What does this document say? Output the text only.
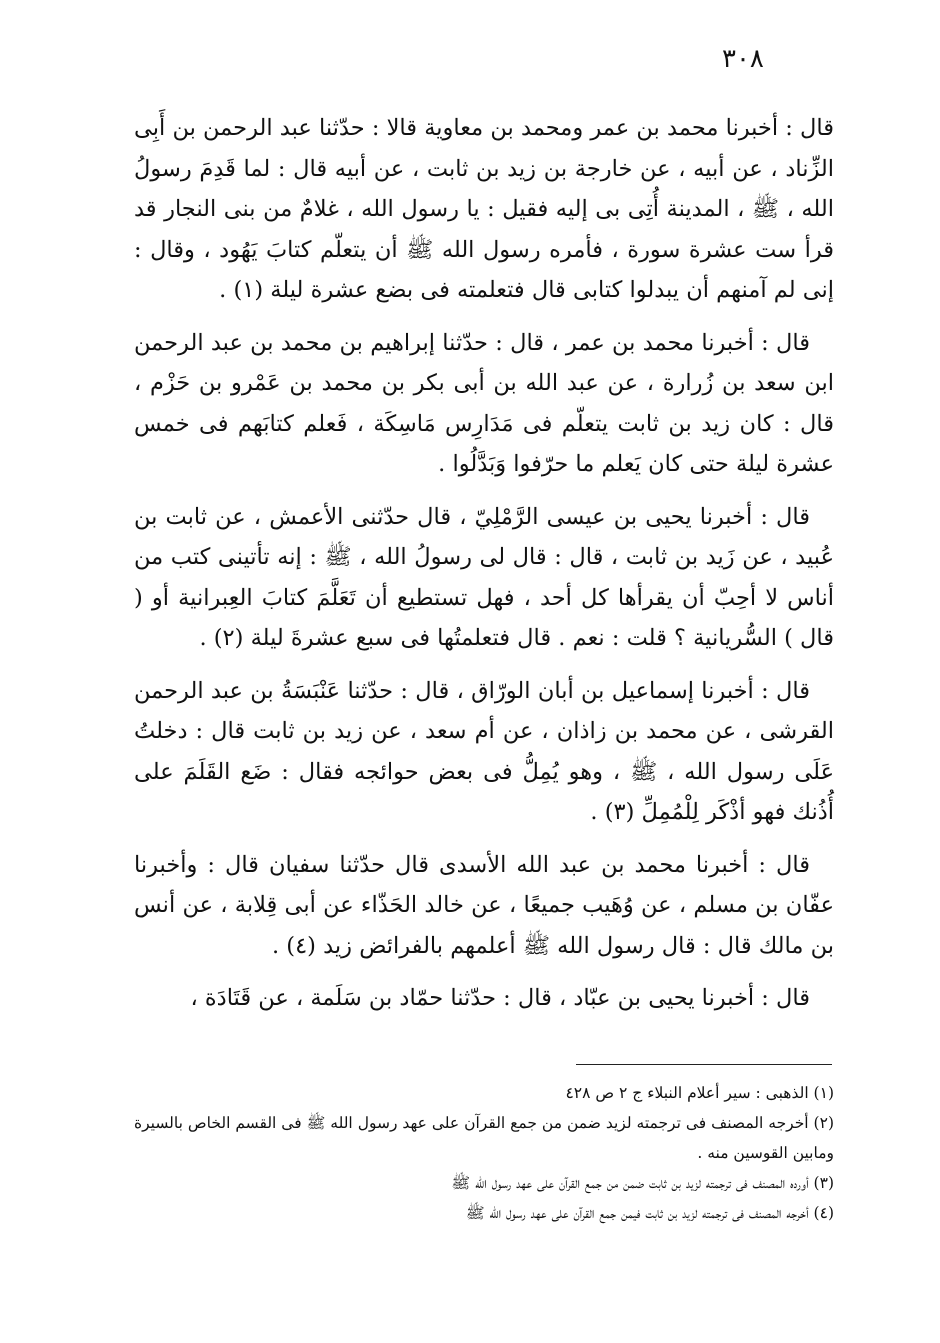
٣٠٨

قال : أخبرنا محمد بن عمر ومحمد بن معاوية قالا : حدّثنا عبد الرحمن بن أَبِى الزِّناد ، عن أبيه ، عن خارجة بن زيد بن ثابت ، عن أبيه قال : لما قَدِمَ رسولُ الله ، ﷺ ، المدينة أُتِى بى إليه فقيل : يا رسول الله ، غلامٌ من بنى النجار قد قرأ ست عشرة سورة ، فأمره رسول الله ﷺ أن يتعلّم كتابَ يَهُود ، وقال : إنى لم آمنهم أن يبدلوا كتابى قال فتعلمته فى بضع عشرة ليلة (١) .

قال : أخبرنا محمد بن عمر ، قال : حدّثنا إبراهيم بن محمد بن عبد الرحمن ابن سعد بن زُرارة ، عن عبد الله بن أبى بكر بن محمد بن عَمْرو بن حَزْم ، قال : كان زيد بن ثابت يتعلّم فى مَدَارِس مَاسِكَة ، فَعلم كتابَهم فى خمس عشرة ليلة حتى كان يَعلم ما حرّفوا وَبَدَّلُوا .

قال : أخبرنا يحيى بن عيسى الرَّمْلِيّ ، قال حدّثنى الأعمش ، عن ثابت بن عُبيد ، عن زَيد بن ثابت ، قال : قال لى رسولُ الله ، ﷺ : إنه تأتينى كتب من أناس لا أحِبّ أن يقرأها كل أحد ، فهل تستطيع أن تَعَلَّمَ كتابَ العِبرانية أو ( قال ) السُّريانية ؟ قلت : نعم . قال فتعلمتُها فى سبع عشرةَ ليلة (٢) .

قال : أخبرنا إسماعيل بن أبان الورّاق ، قال : حدّثنا عَنْبَسَةُ بن عبد الرحمن القرشى ، عن محمد بن زاذان ، عن أم سعد ، عن زيد بن ثابت قال : دخلتُ عَلَى رسول الله ، ﷺ ، وهو يُمِلُّ فى بعض حوائجه فقال : ضَع القَلَمَ على أُذُنك فهو أذْكَر لِلْمُمِلِّ (٣) .

قال : أخبرنا محمد بن عبد الله الأسدى قال حدّثنا سفيان قال : وأخبرنا عفّان بن مسلم ، عن وُهَيب جميعًا ، عن خالد الحَذّاء عن أبى قِلابة ، عن أنس بن مالك قال : قال رسول الله ﷺ أعلمهم بالفرائض زيد (٤) .

قال : أخبرنا يحيى بن عبّاد ، قال : حدّثنا حمّاد بن سَلَمة ، عن قَتَادَة ،

(١) الذهبى : سير أعلام النبلاء ج ٢ ص ٤٢٨

(٢) أخرجه المصنف فى ترجمته لزيد ضمن من جمع القرآن على عهد رسول الله ﷺ فى القسم الخاص بالسيرة ومابين القوسين منه .

(٣) أورده المصنف فى ترجمته لزيد بن ثابت ضمن من جمع القرآن على عهد رسول الله ﷺ

(٤) أخرجه المصنف فى ترجمته لزيد بن ثابت فيمن جمع القرآن على عهد رسول الله ﷺ
